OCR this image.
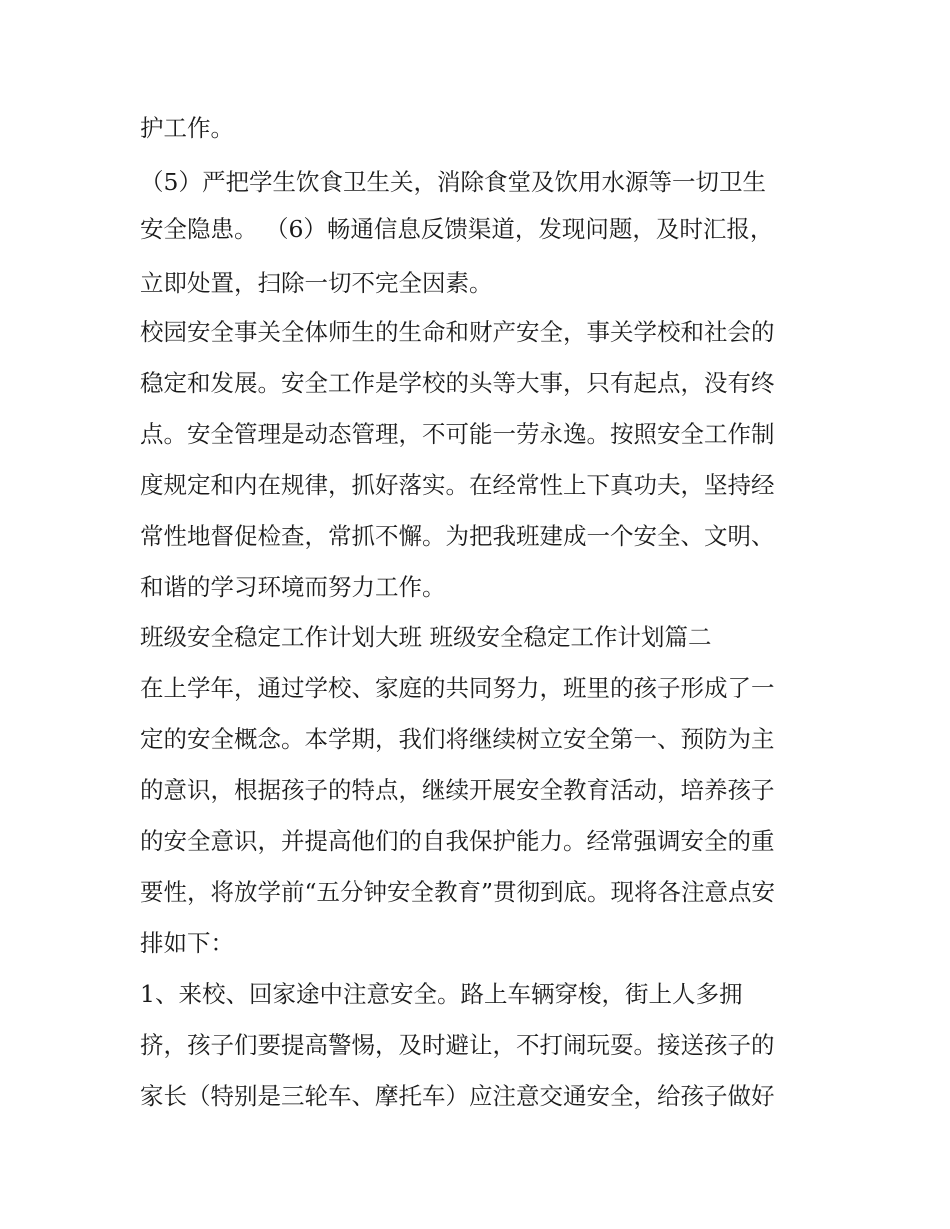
护工作。

（5）严把学生饮食卫生关，消除食堂及饮用水源等一切卫生

安全隐患。 （6）畅通信息反馈渠道，发现问题，及时汇报，

立即处置，扫除一切不完全因素。

校园安全事关全体师生的生命和财产安全，事关学校和社会的

稳定和发展。安全工作是学校的头等大事，只有起点，没有终

点。安全管理是动态管理，不可能一劳永逸。按照安全工作制

度规定和内在规律，抓好落实。在经常性上下真功夫，坚持经

常性地督促检查，常抓不懈。为把我班建成一个安全、文明、

和谐的学习环境而努力工作。

班级安全稳定工作计划大班 班级安全稳定工作计划篇二

在上学年，通过学校、家庭的共同努力，班里的孩子形成了一

定的安全概念。本学期，我们将继续树立安全第一、预防为主

的意识，根据孩子的特点，继续开展安全教育活动，培养孩子

的安全意识，并提高他们的自我保护能力。经常强调安全的重

要性，将放学前“五分钟安全教育”贯彻到底。现将各注意点安

排如下：

1、来校、回家途中注意安全。路上车辆穿梭，街上人多拥

挤，孩子们要提高警惕，及时避让，不打闹玩耍。接送孩子的

家长（特别是三轮车、摩托车）应注意交通安全，给孩子做好
